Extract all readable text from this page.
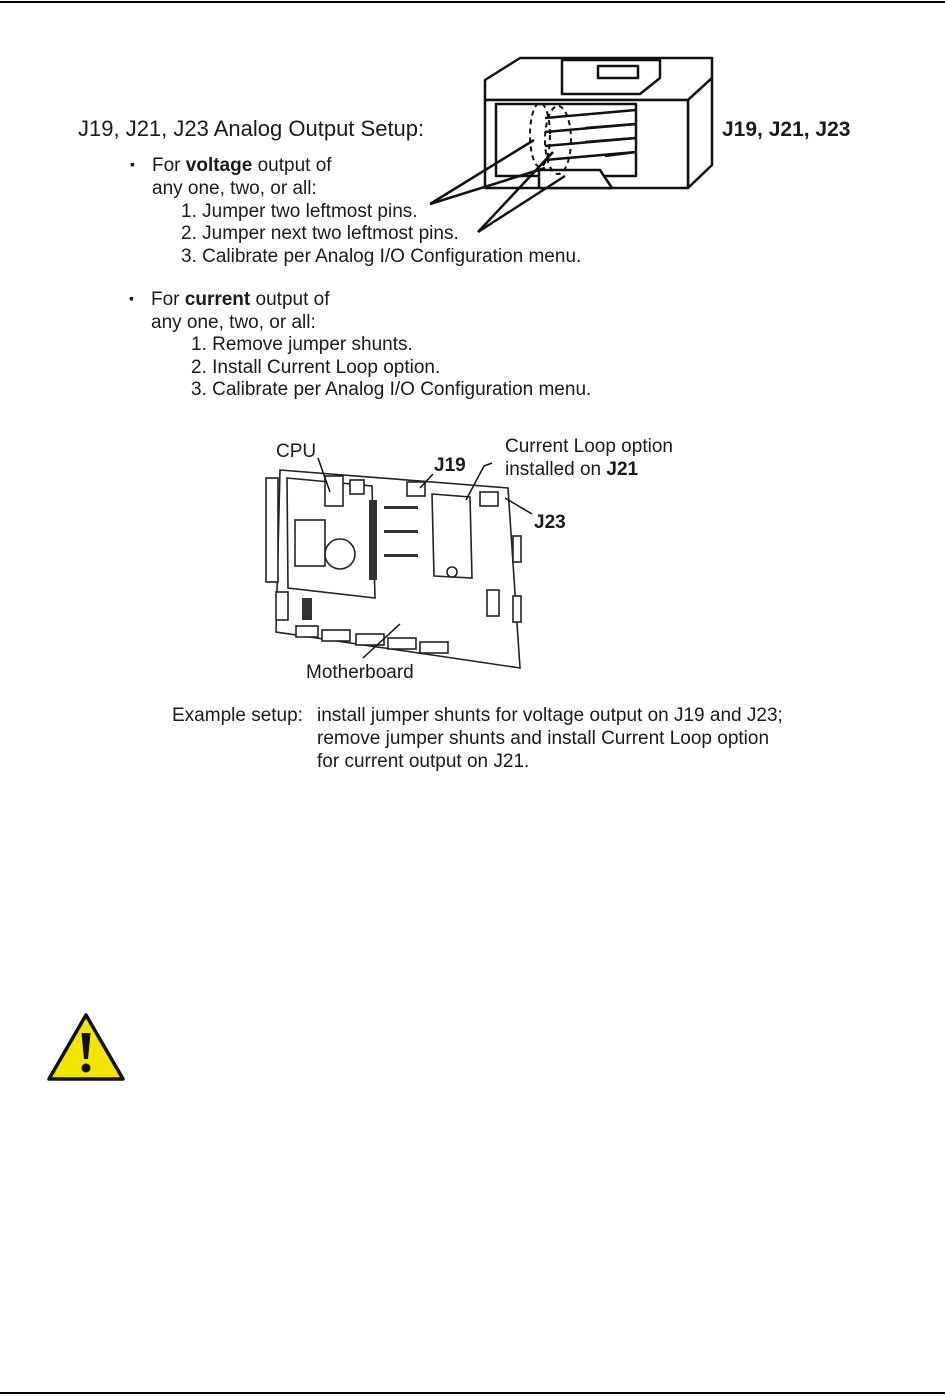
J19, J21, J23 Analog Output Setup:
▪ For voltage output of
any one, two, or all:
1. Jumper two leftmost pins.
2. Jumper next two leftmost pins.
3. Calibrate per Analog I/O Configuration menu.
▪ For current output of
any one, two, or all:
1. Remove jumper shunts.
2. Install Current Loop option.
3. Calibrate per Analog I/O Configuration menu.
J19, J21, J23
CPU
J19
Current Loop option
installed on J21
J23
Motherboard
Example setup: install jumper shunts for voltage output on J19 and J23;
remove jumper shunts and install Current Loop option
for current output on J21.
